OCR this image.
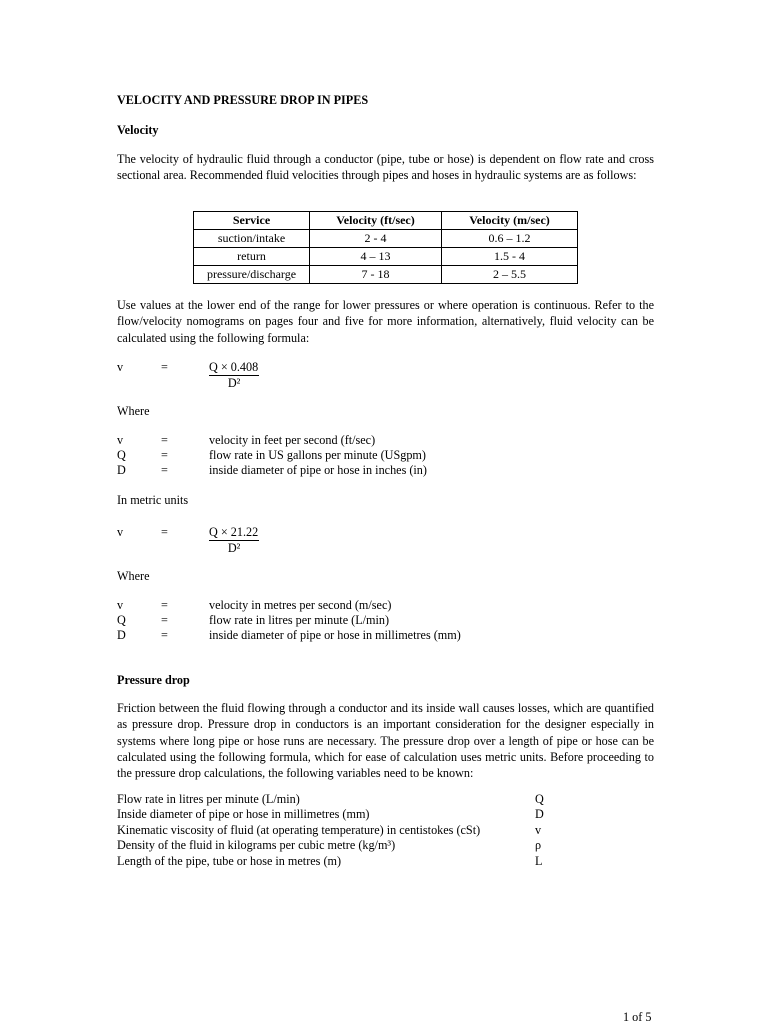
VELOCITY AND PRESSURE DROP IN PIPES
Velocity

The velocity of hydraulic fluid through a conductor (pipe, tube or hose) is dependent on flow rate and cross sectional area. Recommended fluid velocities through pipes and hoses in hydraulic systems are as follows:

Service	Velocity (ft/sec)	Velocity (m/sec)
suction/intake	2 - 4	0.6 – 1.2
return	4 – 13	1.5 - 4
pressure/discharge	7 - 18	2 – 5.5

Use values at the lower end of the range for lower pressures or where operation is continuous. Refer to the flow/velocity nomograms on pages four and five for more information, alternatively, fluid velocity can be calculated using the following formula:

v	=	$\frac{Q \times 0.408}{\text{D²}}$
Where
v	=	velocity in feet per second (ft/sec)
Q	=	flow rate in US gallons per minute (USgpm)
D	=	inside diameter of pipe or hose in inches (in)
In metric units
v	=	$\frac{Q \times 21.22}{\text{D²}}$
Where
v	=	velocity in metres per second (m/sec)
Q	=	flow rate in litres per minute (L/min)
D	=	inside diameter of pipe or hose in millimetres (mm)
Pressure drop

Friction between the fluid flowing through a conductor and its inside wall causes losses, which are quantified as pressure drop. Pressure drop in conductors is an important consideration for the designer especially in systems where long pipe or hose runs are necessary. The pressure drop over a length of pipe or hose can be calculated using the following formula, which for ease of calculation uses metric units. Before proceeding to the pressure drop calculations, the following variables need to be known:

Flow rate in litres per minute (L/min)	Q
Inside diameter of pipe or hose in millimetres (mm)	D
Kinematic viscosity of fluid (at operating temperature) in centistokes (cSt)	v
Density of the fluid in kilograms per cubic metre (kg/m³)	ρ
Length of the pipe, tube or hose in metres (m)	L
1 of 5
